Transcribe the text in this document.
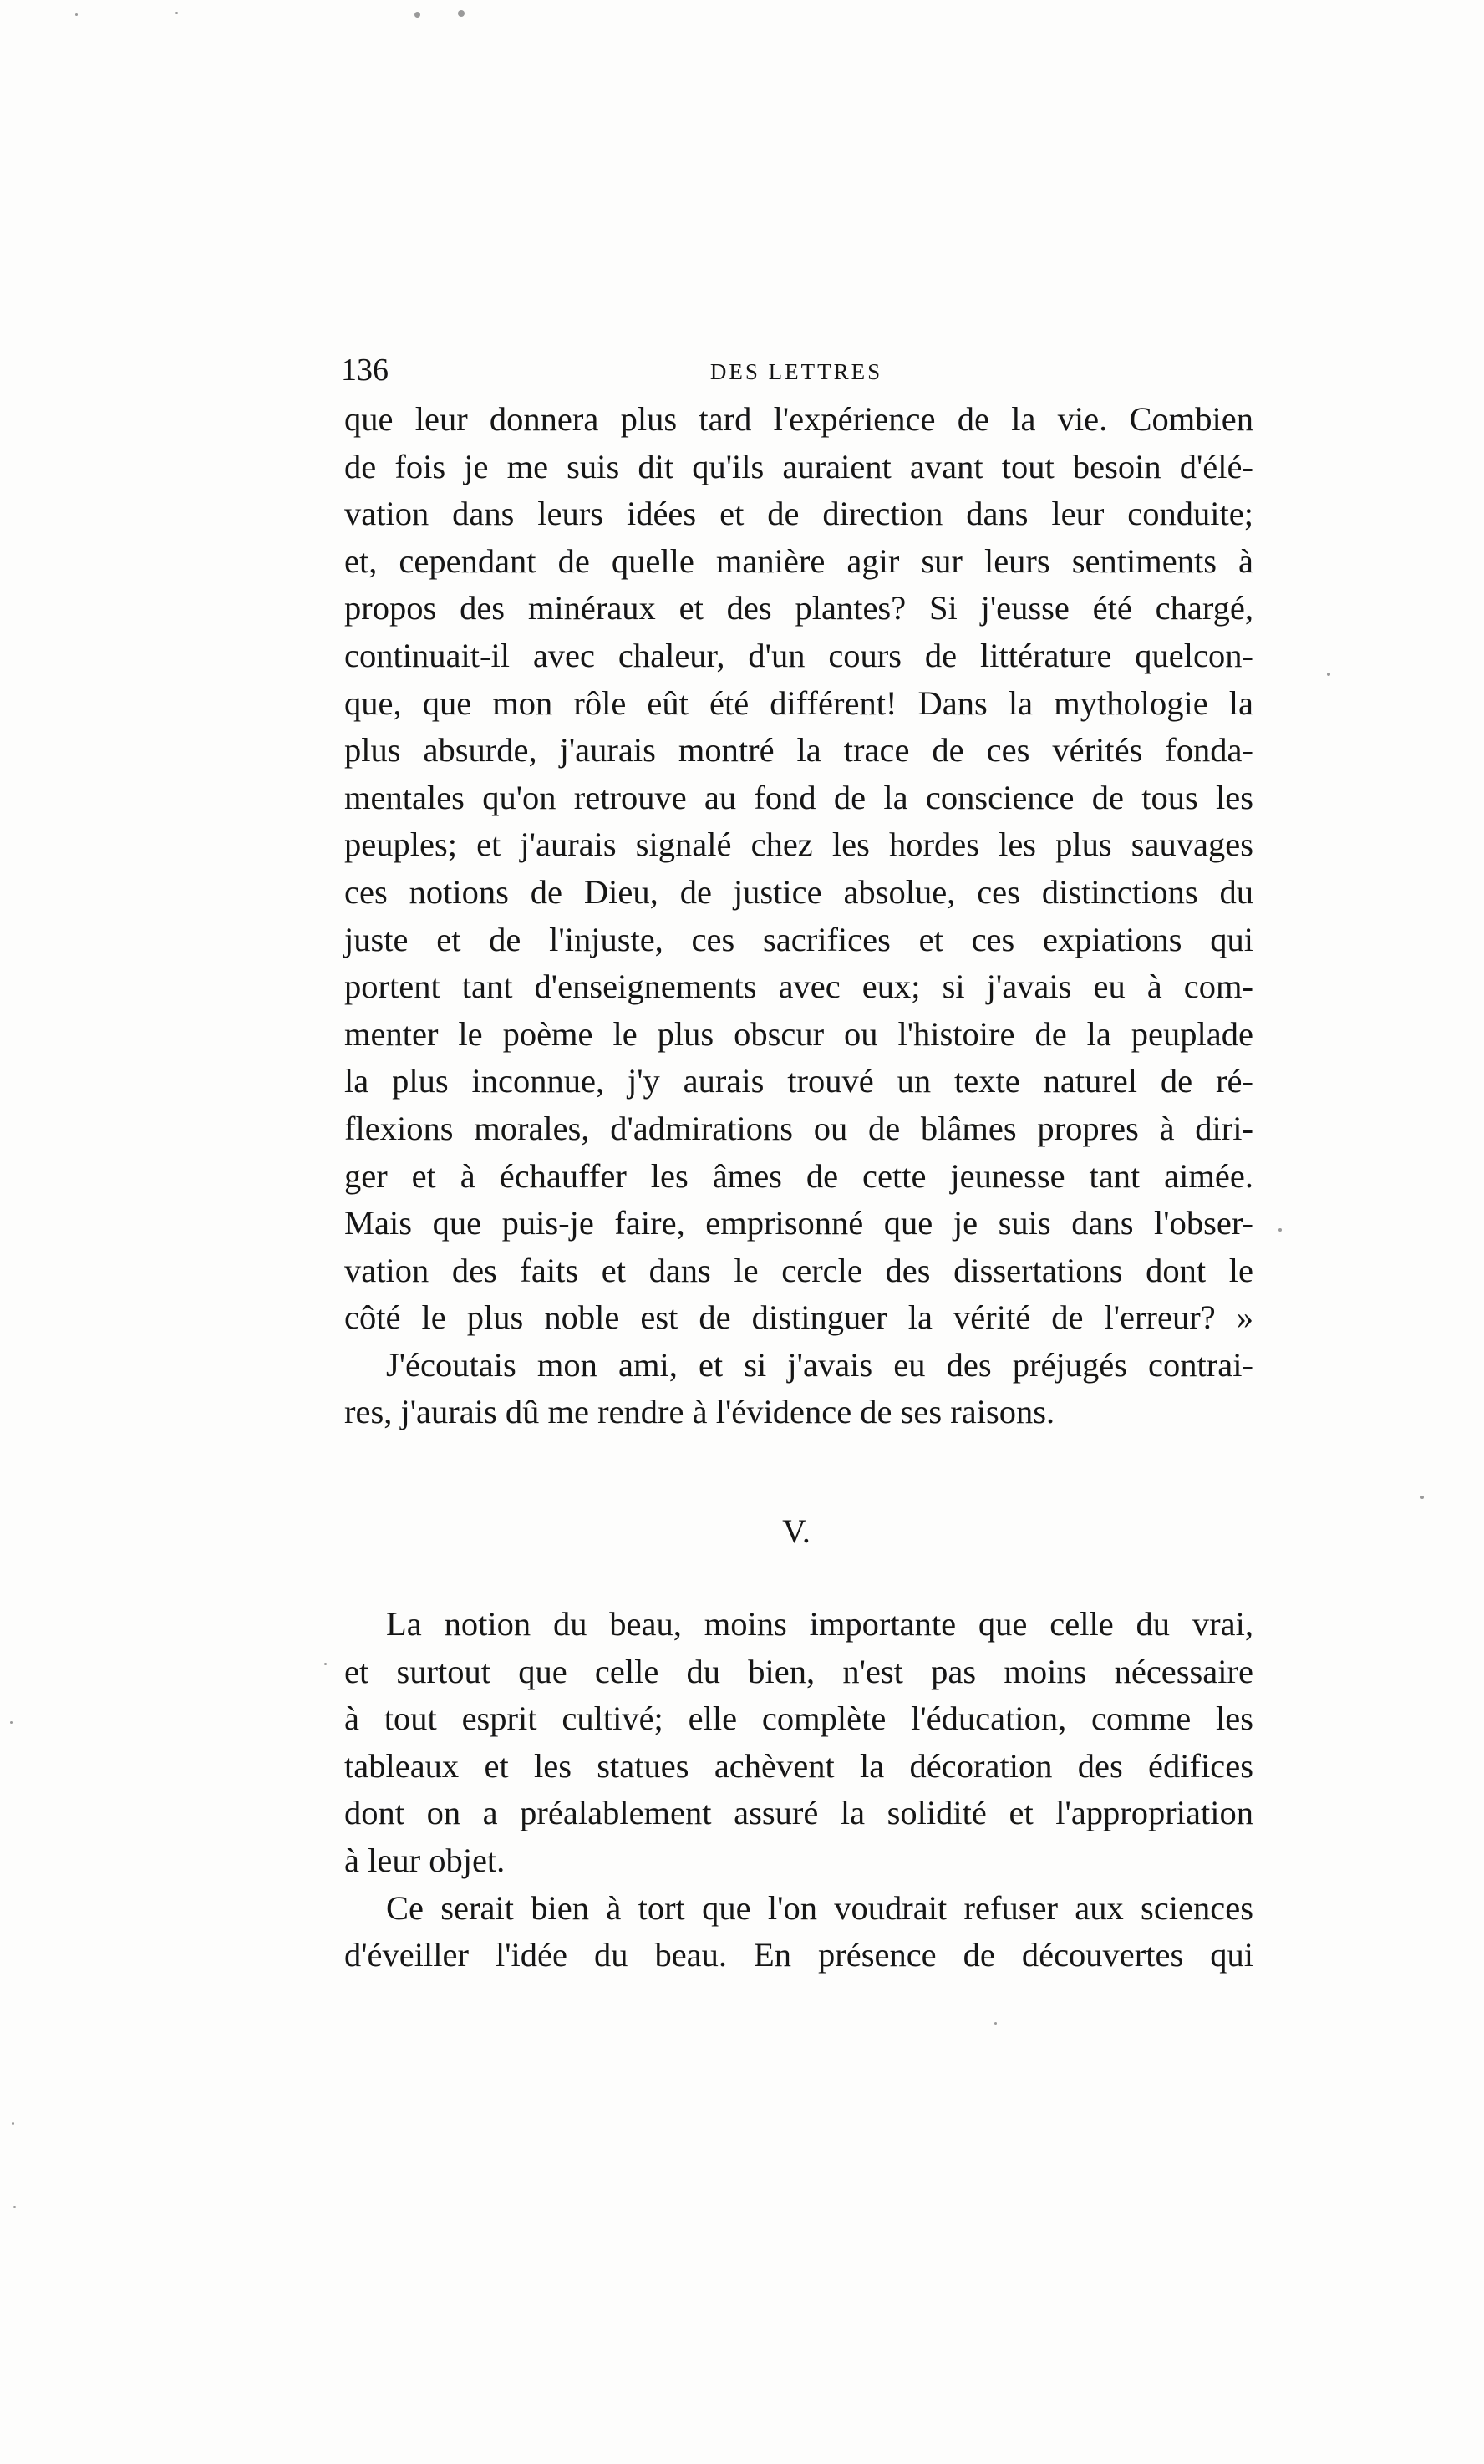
136	DES LETTRES
que leur donnera plus tard l'expérience de la vie. Combien
de fois je me suis dit qu'ils auraient avant tout besoin d'élé-
vation dans leurs idées et de direction dans leur conduite;
et, cependant de quelle manière agir sur leurs sentiments à
propos des minéraux et des plantes? Si j'eusse été chargé,
continuait-il avec chaleur, d'un cours de littérature quelcon-
que, que mon rôle eût été différent! Dans la mythologie la
plus absurde, j'aurais montré la trace de ces vérités fonda-
mentales qu'on retrouve au fond de la conscience de tous les
peuples; et j'aurais signalé chez les hordes les plus sauvages
ces notions de Dieu, de justice absolue, ces distinctions du
juste et de l'injuste, ces sacrifices et ces expiations qui
portent tant d'enseignements avec eux; si j'avais eu à com-
menter le poème le plus obscur ou l'histoire de la peuplade
la plus inconnue, j'y aurais trouvé un texte naturel de ré-
flexions morales, d'admirations ou de blâmes propres à diri-
ger et à échauffer les âmes de cette jeunesse tant aimée.
Mais que puis-je faire, emprisonné que je suis dans l'obser-
vation des faits et dans le cercle des dissertations dont le
côté le plus noble est de distinguer la vérité de l'erreur? »
J'écoutais mon ami, et si j'avais eu des préjugés contrai-
res, j'aurais dû me rendre à l'évidence de ses raisons.
V.
La notion du beau, moins importante que celle du vrai,
et surtout que celle du bien, n'est pas moins nécessaire
à tout esprit cultivé; elle complète l'éducation, comme les
tableaux et les statues achèvent la décoration des édifices
dont on a préalablement assuré la solidité et l'appropriation
à leur objet.
Ce serait bien à tort que l'on voudrait refuser aux sciences
d'éveiller l'idée du beau. En présence de découvertes qui
